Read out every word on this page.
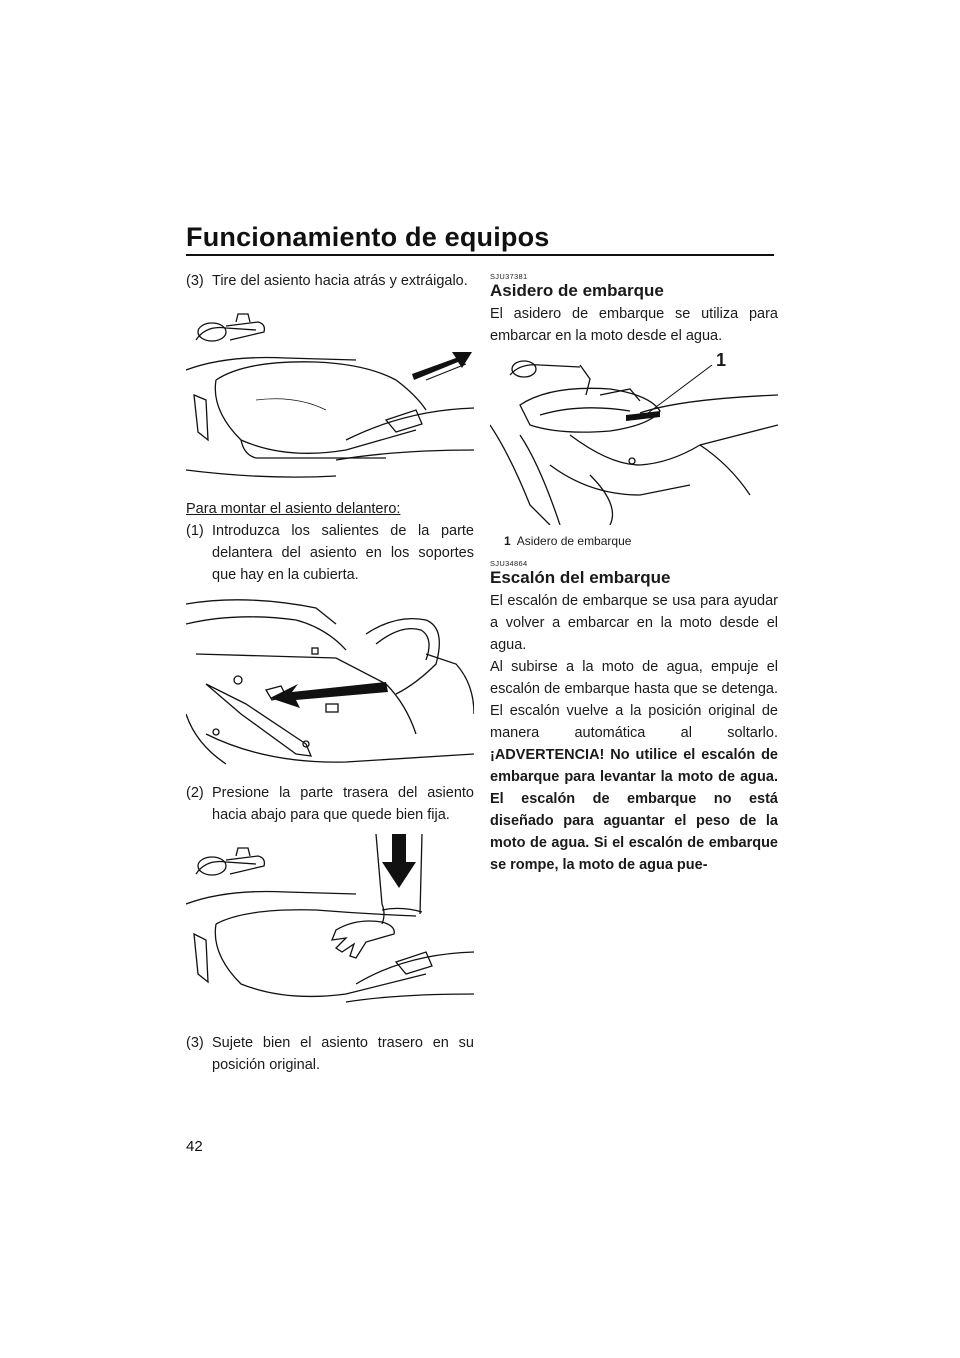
Funcionamiento de equipos
(3) Tire del asiento hacia atrás y extráigalo.
Para montar el asiento delantero:
(1) Introduzca los salientes de la parte delantera del asiento en los soportes que hay en la cubierta.
(2) Presione la parte trasera del asiento hacia abajo para que quede bien fija.
(3) Sujete bien el asiento trasero en su posición original.
SJU37381
Asidero de embarque

El asidero de embarque se utiliza para embarcar en la moto desde el agua.

1
1 Asidero de embarque
SJU34864
Escalón del embarque

El escalón de embarque se usa para ayudar a volver a embarcar en la moto desde el agua.

Al subirse a la moto de agua, empuje el escalón de embarque hasta que se detenga. El escalón vuelve a la posición original de manera automática al soltarlo. ¡ADVERTENCIA! No utilice el escalón de embarque para levantar la moto de agua. El escalón de embarque no está diseñado para aguantar el peso de la moto de agua. Si el escalón de embarque se rompe, la moto de agua pue-

42
